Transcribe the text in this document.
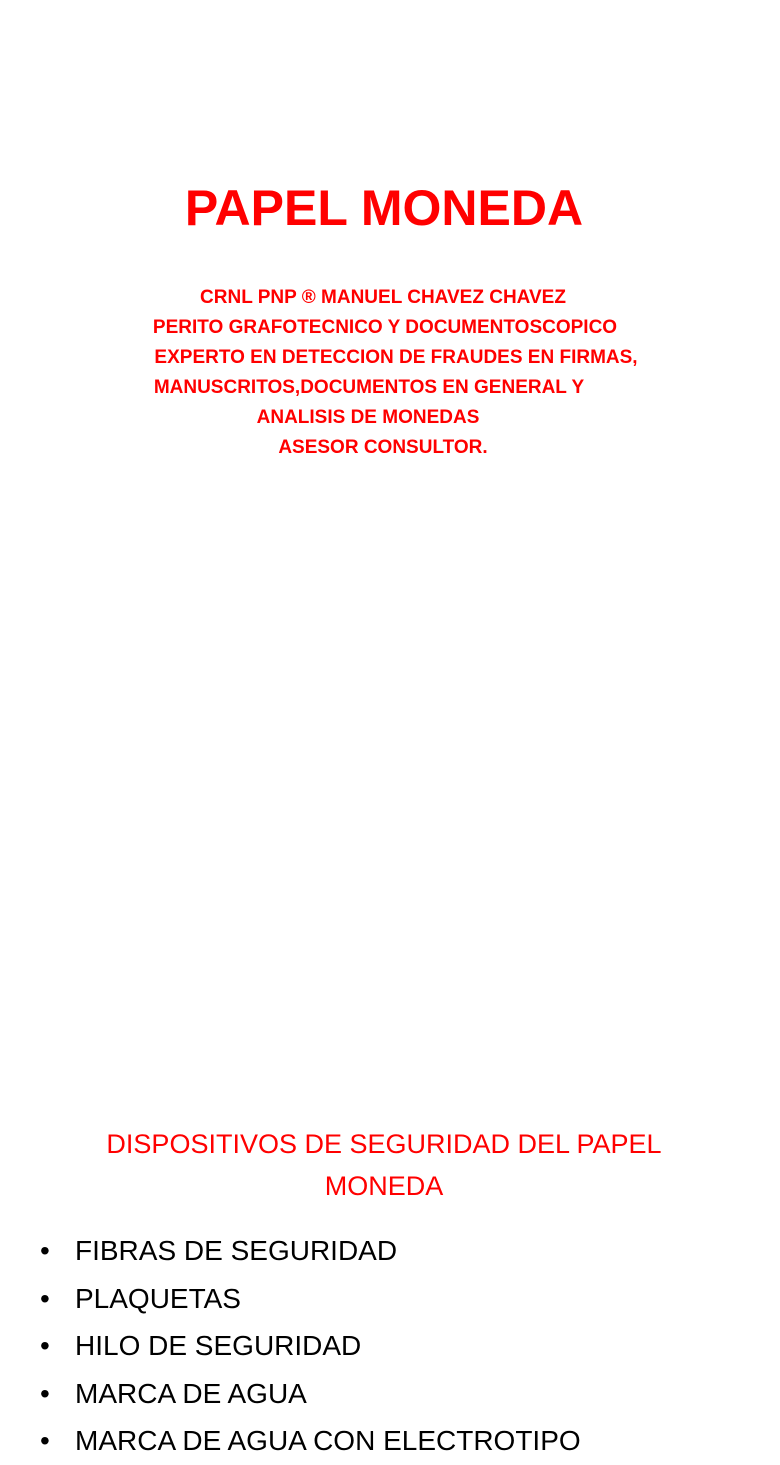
PAPEL MONEDA
CRNL PNP ® MANUEL CHAVEZ CHAVEZ
PERITO GRAFOTECNICO Y DOCUMENTOSCOPICO
EXPERTO EN DETECCION DE FRAUDES EN FIRMAS,
MANUSCRITOS,DOCUMENTOS EN GENERAL Y
ANALISIS DE MONEDAS
ASESOR CONSULTOR.
DISPOSITIVOS DE SEGURIDAD DEL PAPEL MONEDA
• FIBRAS DE SEGURIDAD
• PLAQUETAS
• HILO DE SEGURIDAD
• MARCA DE AGUA
• MARCA DE AGUA CON ELECTROTIPO
